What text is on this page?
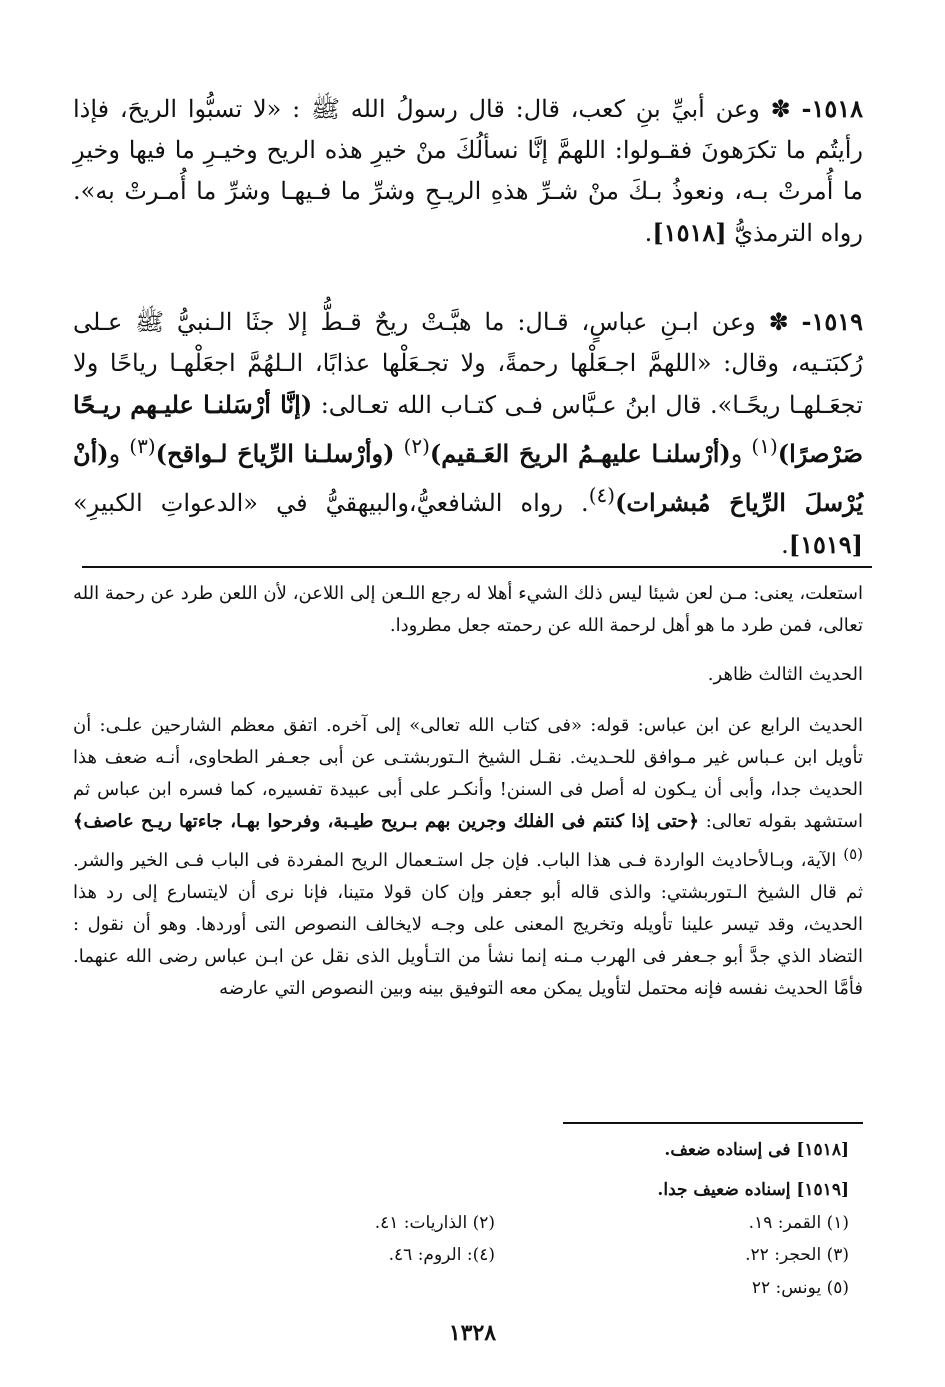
١٥١٨- ✽ وعن أبيِّ بنِ كعب، قال: قال رسولُ الله ﷺ : «لا تسبُّوا الريحَ، فإذا رأيتُم ما تكرَهونَ فقـولوا: اللهمَّ إنَّا نسألُكَ منْ خيرِ هذه الريح وخيـرِ ما فيها وخيرِ ما أُمرتْ بـه، ونعوذُ بـكَ منْ شـرِّ هذهِ الريـحِ وشرِّ ما فـيهـا وشرِّ ما أُمـرتْ به». رواه الترمذيُّ [١٥١٨].

١٥١٩- ✽ وعن ابـنِ عباسٍ، قـال: ما هبَّـتْ ريحٌ قـطُّ إلا جثَا الـنبيُّ ﷺ عـلى رُكبَتـيه، وقال: «اللهمَّ اجـعَلْها رحمةً، ولا تجـعَلْها عذابًا، الـلهُمَّ اجعَلْهـا رياحًا ولا تجعَـلهـا ريحًـا». قال ابنُ عـبَّاس فـى كتـاب الله تعـالى: (إنَّا أرْسَلنـا عليـهم ريـحًا صَرْصرًا)$^{(١)}$ و(أرْسلنـا عليهـمُ الريحَ العَـقيم)$^{(٢)}$ (وأرْسلـنا الرِّياحَ لـواقح)$^{(٣)}$ و(أنْ يُرْسلَ الرِّياحَ مُبشرات)$^{(٤)}$. رواه الشافعيُّ،والبيهقيُّ في «الدعواتِ الكبيرِ» [١٥١٩].

استعلت، يعنى: مـن لعن شيئا ليس ذلك الشيء أهلا له رجع اللـعن إلى اللاعن، لأن اللعن طرد عن رحمة الله تعالى، فمن طرد ما هو أهل لرحمة الله عن رحمته جعل مطرودا.

الحديث الثالث ظاهر.

الحديث الرابع عن ابن عباس: قوله: «فى كتاب الله تعالى» إلى آخره. اتفق معظم الشارحين علـى: أن تأويل ابن عـباس غير مـوافق للحـديث. نقـل الشيخ الـتوربشتـى عن أبى جعـفر الطحاوى، أنـه ضعف هذا الحديث جدا، وأبى أن يـكون له أصل فى السنن! وأنكـر على أبى عبيدة تفسيره، كما فسره ابن عباس ثم استشهد بقوله تعالى: ﴿حتى إذا كنتم فى الفلك وجرين بهم بـريح طيـبة، وفرحوا بهـا، جاءتها ريـح عاصف﴾$^{(٥)}$ الآية، وبـالأحاديث الواردة فـى هذا الباب. فإن جل استـعمال الريح المفردة فى الباب فـى الخير والشر. ثم قال الشيخ الـتوربشتي: والذى قاله أبو جعفر وإن كان قولا متينا، فإنا نرى أن لايتسارع إلى رد هذا الحديث، وقد تيسر علينا تأويله وتخريج المعنى على وجـه لايخالف النصوص التى أوردها. وهو أن نقول : التضاد الذي جدَّ أبو جـعفر فى الهرب مـنه إنما نشأ من التـأويل الذى نقل عن ابـن عباس رضى الله عنهما. فأمَّا الحديث نفسه فإنه محتمل لتأويل يمكن معه التوفيق بينه وبين النصوص التي عارضه

[١٥١٨] فى إسناده ضعف.
[١٥١٩] إسناده ضعيف جدا.
(١) القمر: ١٩.
(٢) الذاريات: ٤١.
(٣) الحجر: ٢٢.
(٤): الروم: ٤٦.
(٥) يونس: ٢٢
١٣٢٨
